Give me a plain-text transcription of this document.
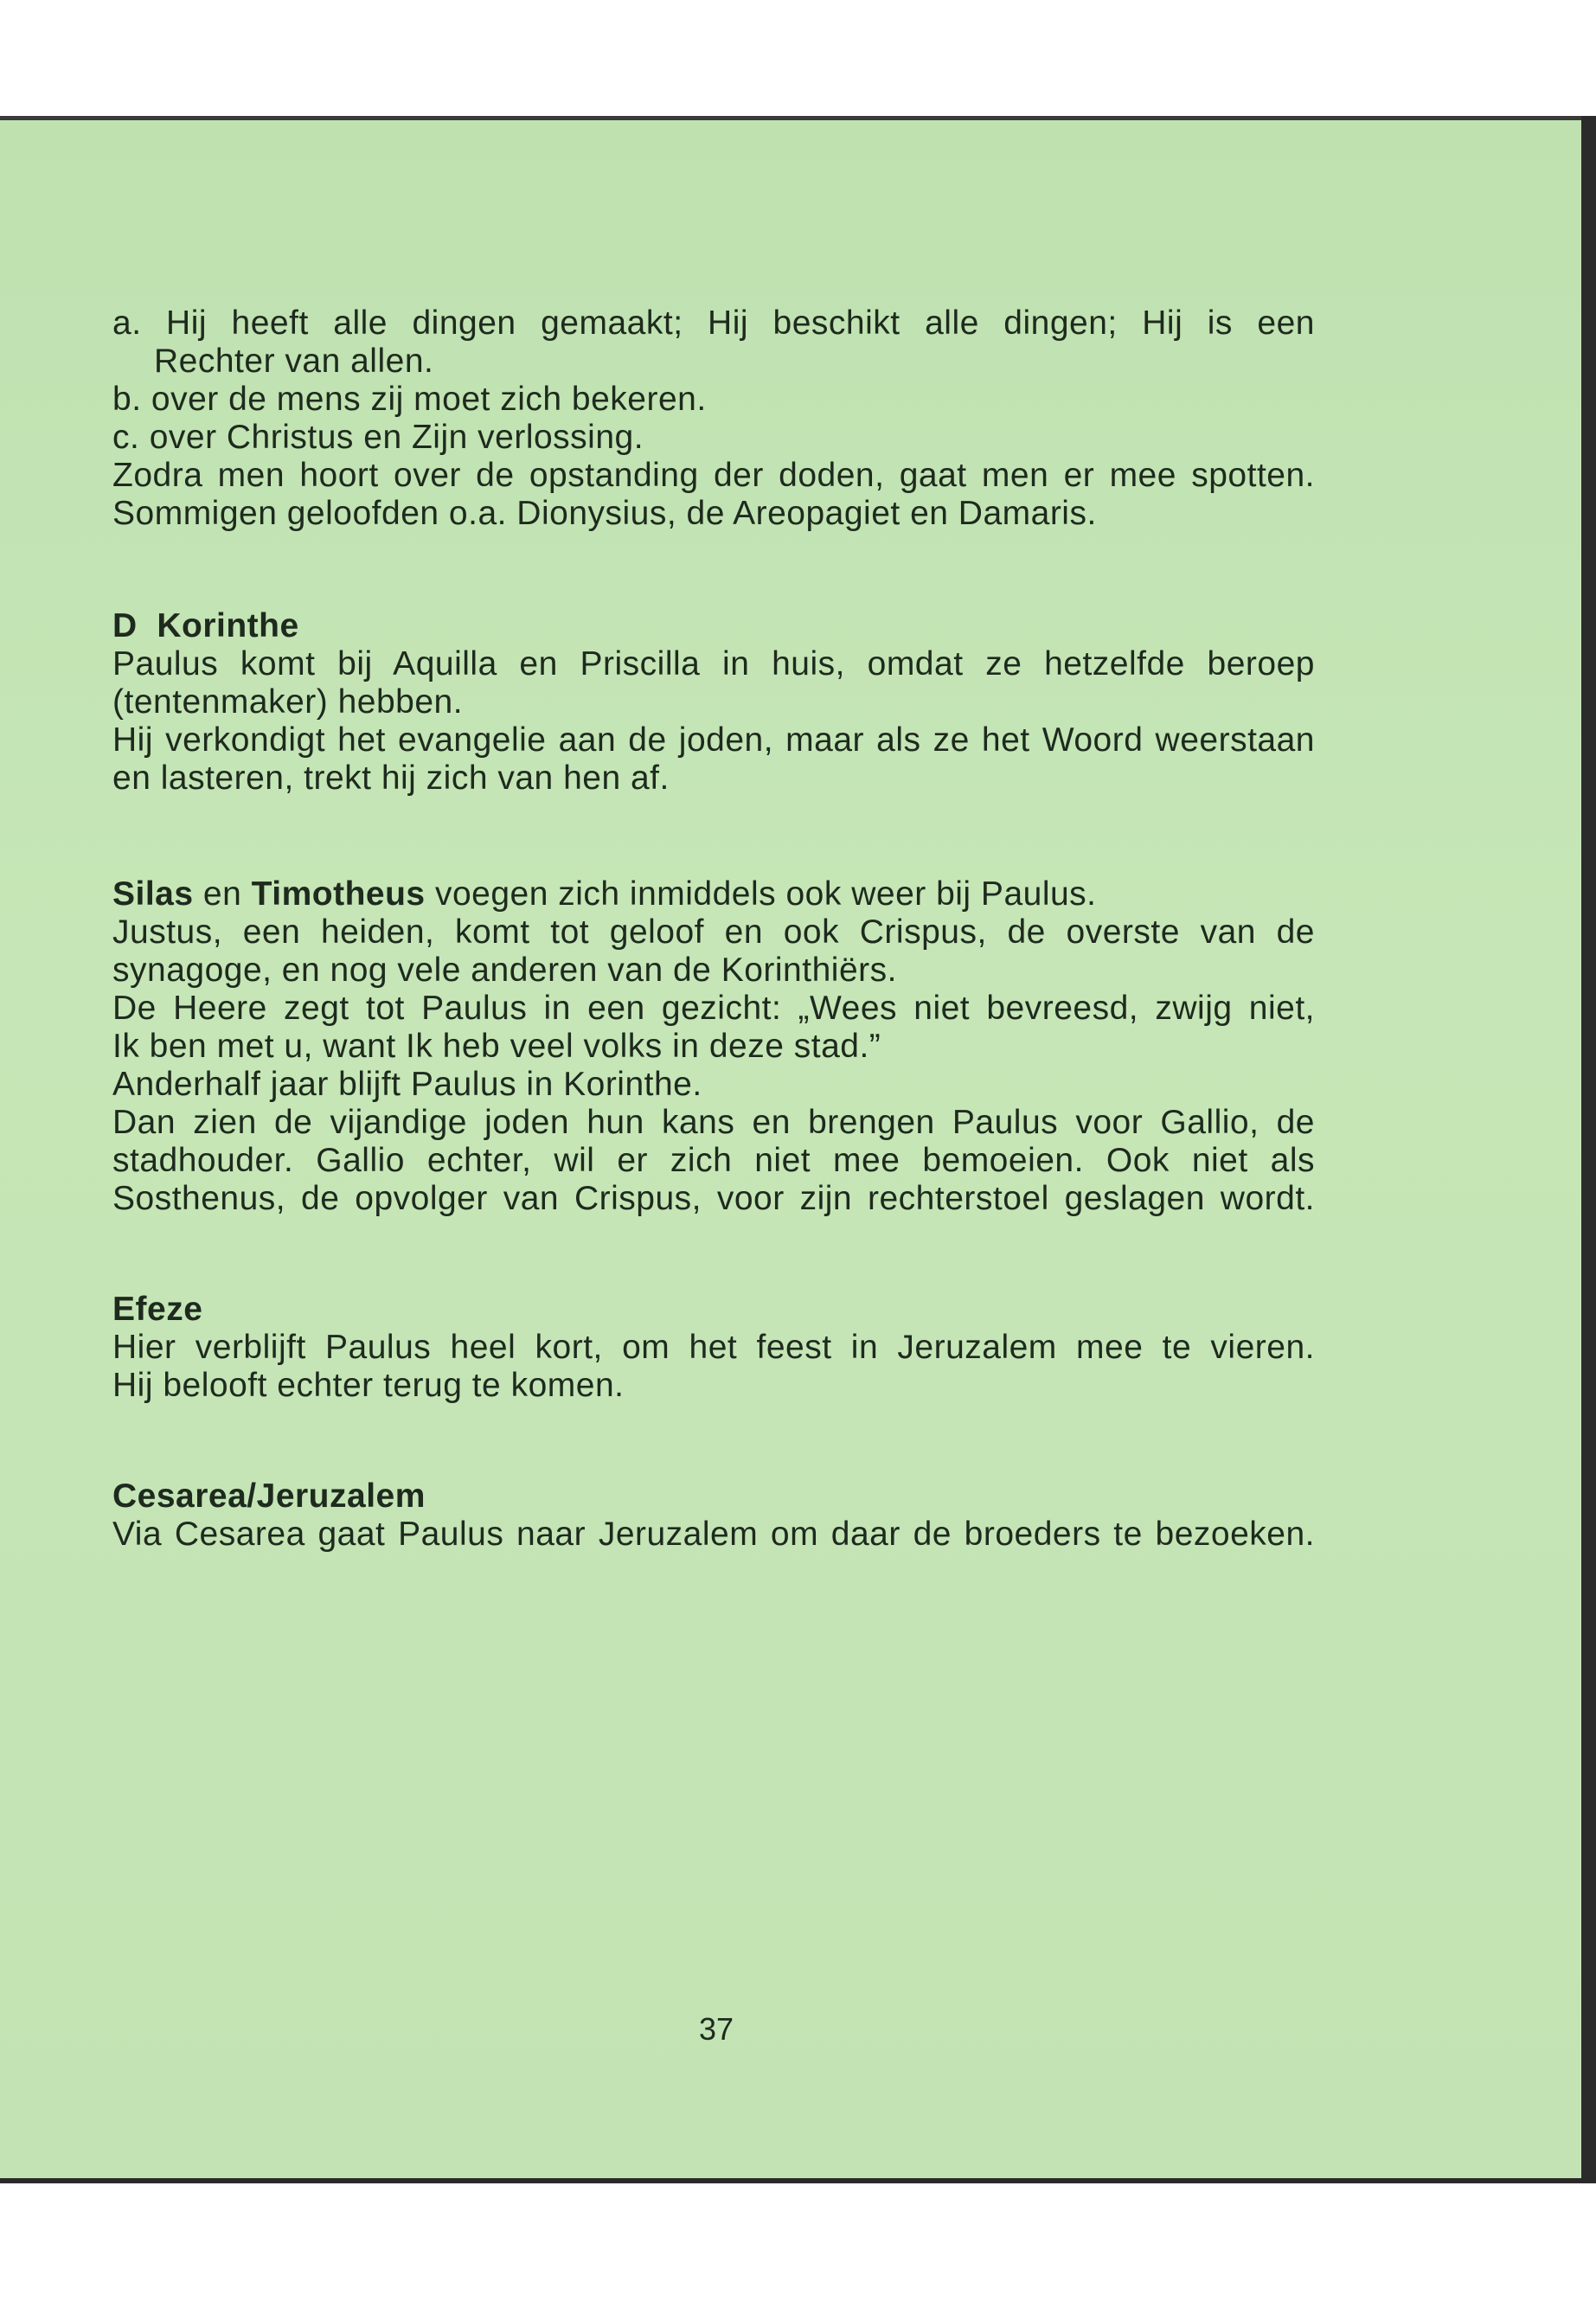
a. Hij heeft alle dingen gemaakt; Hij beschikt alle dingen; Hij is een
Rechter van allen.
b. over de mens zij moet zich bekeren.
c. over Christus en Zijn verlossing.
Zodra men hoort over de opstanding der doden, gaat men er mee spotten.
Sommigen geloofden o.a. Dionysius, de Areopagiet en Damaris.
D  Korinthe
Paulus komt bij Aquilla en Priscilla in huis, omdat ze hetzelfde beroep
(tentenmaker) hebben.
Hij verkondigt het evangelie aan de joden, maar als ze het Woord weerstaan
en lasteren, trekt hij zich van hen af.
Silas en Timotheus voegen zich inmiddels ook weer bij Paulus.
Justus, een heiden, komt tot geloof en ook Crispus, de overste van de
synagoge, en nog vele anderen van de Korinthiërs.
De Heere zegt tot Paulus in een gezicht: „Wees niet bevreesd, zwijg niet,
Ik ben met u, want Ik heb veel volks in deze stad.”
Anderhalf jaar blijft Paulus in Korinthe.
Dan zien de vijandige joden hun kans en brengen Paulus voor Gallio, de
stadhouder. Gallio echter, wil er zich niet mee bemoeien. Ook niet als
Sosthenus, de opvolger van Crispus, voor zijn rechterstoel geslagen wordt.
Efeze
Hier verblijft Paulus heel kort, om het feest in Jeruzalem mee te vieren.
Hij belooft echter terug te komen.
Cesarea/Jeruzalem
Via Cesarea gaat Paulus naar Jeruzalem om daar de broeders te bezoeken.
37
